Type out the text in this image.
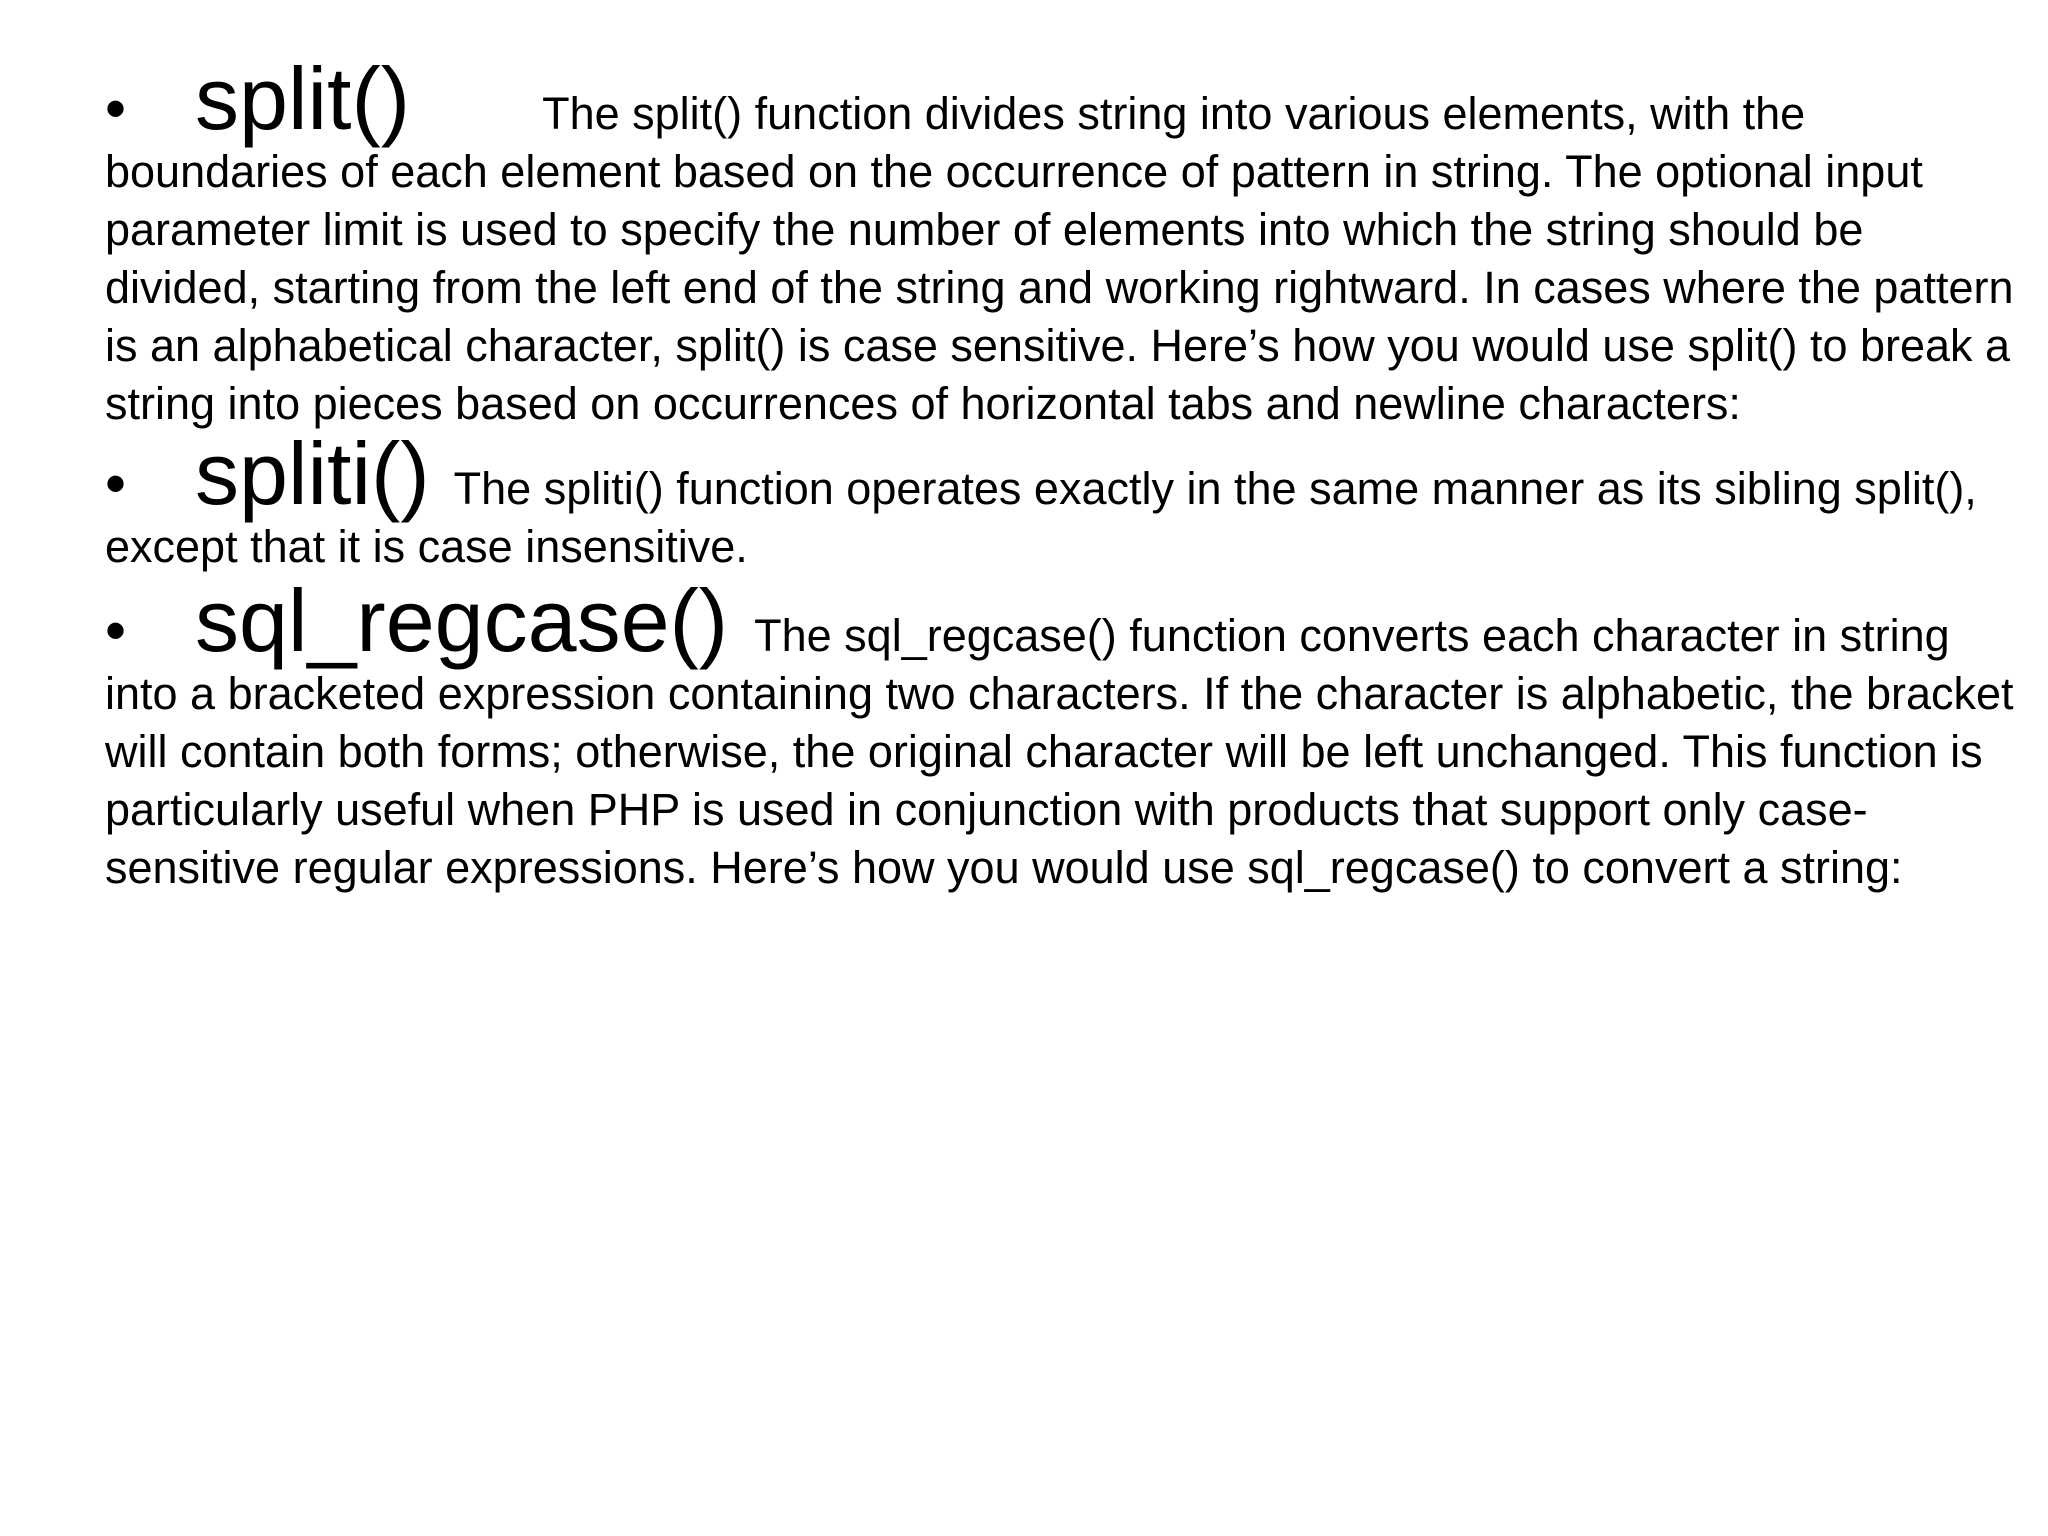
• split()	The split() function divides string into various elements, with the boundaries of each element based on the occurrence of pattern in string. The optional input parameter limit is used to specify the number of elements into which the string should be divided, starting from the left end of the string and working rightward. In cases where the pattern is an alphabetical character, split() is case sensitive. Here’s how you would use split() to break a string into pieces based on occurrences of horizontal tabs and newline characters:

• spliti() The spliti() function operates exactly in the same manner as its sibling split(), except that it is case insensitive.

• sql_regcase() The sql_regcase() function converts each character in string into a bracketed expression containing two characters. If the character is alphabetic, the bracket will contain both forms; otherwise, the original character will be left unchanged. This function is particularly useful when PHP is used in conjunction with products that support only case-sensitive regular expressions. Here’s how you would use sql_regcase() to convert a string:
